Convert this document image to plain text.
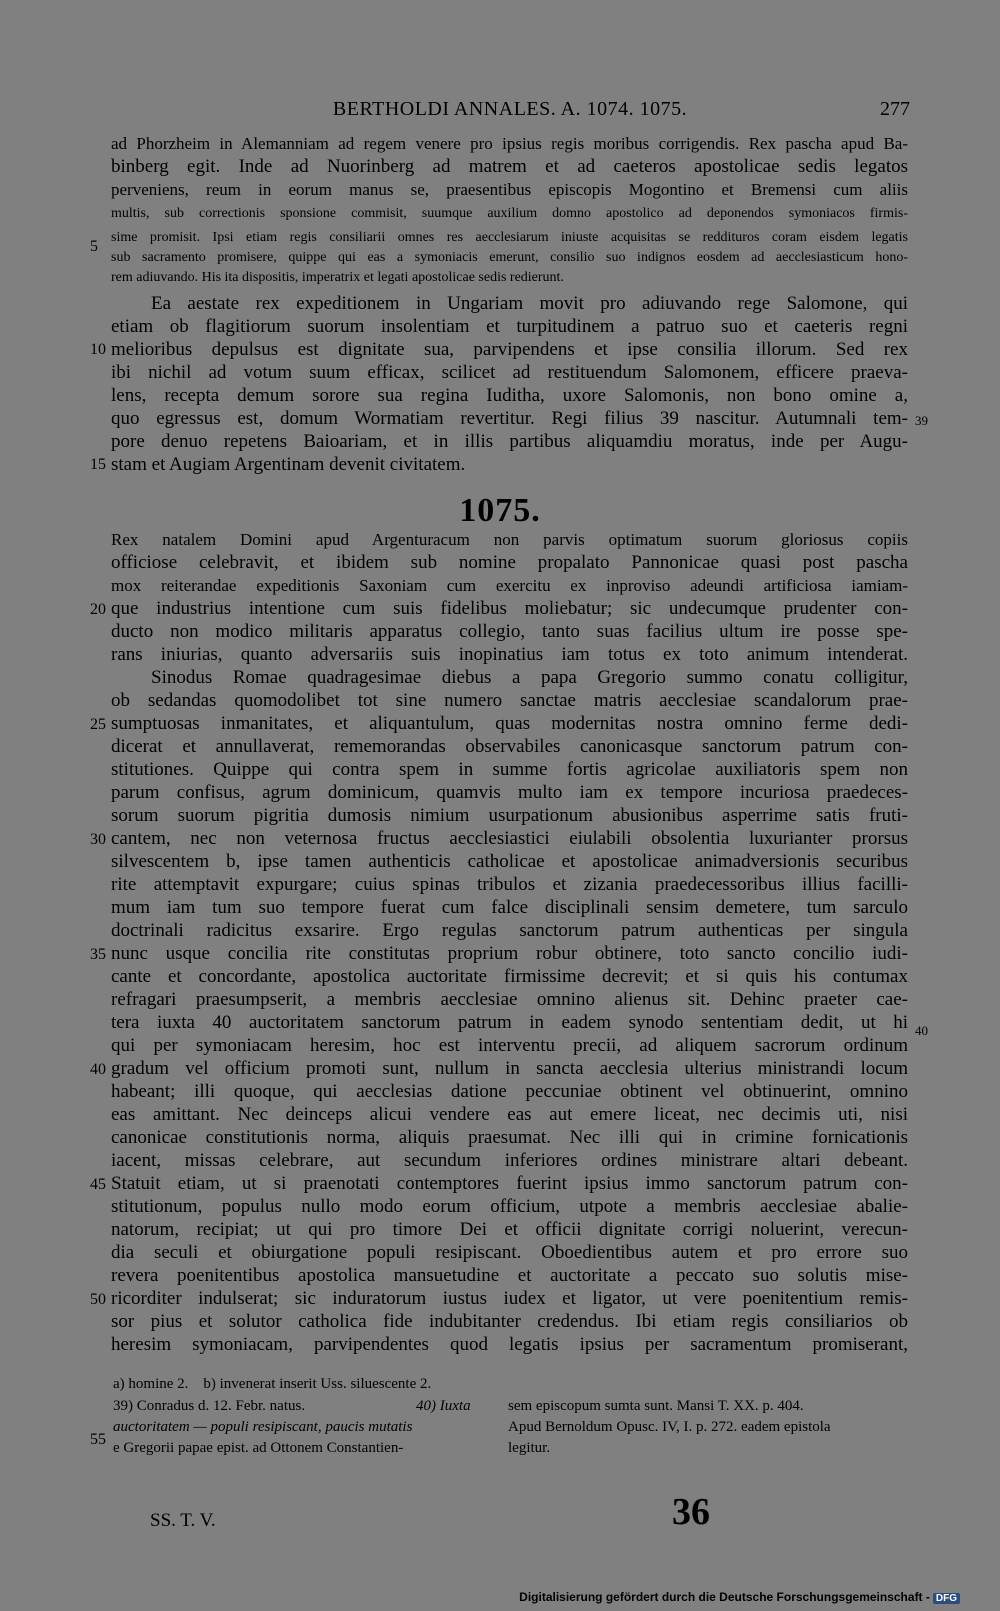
BERTHOLDI ANNALES. A. 1074. 1075.	277
ad Phorzheim in Alemanniam ad regem venere pro ipsius regis moribus corrigendis. Rex pascha apud Ba-
binberg egit. Inde ad Nuorinberg ad matrem et ad caeteros apostolicae sedis legatos
perveniens, reum in eorum manus se, praesentibus episcopis Mogontino et Bremensi cum aliis
multis, sub correctionis sponsione commisit, suumque auxilium domno apostolico ad deponendos symoniacos firmis-
sime promisit. Ipsi etiam regis consiliarii omnes res aecclesiarum iniuste acquisitas se reddituros coram eisdem legatis
sub sacramento promisere, quippe qui eas a symoniacis emerunt, consilio suo indignos eosdem ad aecclesiasticum hono-
rem adiuvando. His ita dispositis, imperatrix et legati apostolicae sedis redierunt.
Ea aestate rex expeditionem in Ungariam movit pro adiuvando rege Salomone, qui
etiam ob flagitiorum suorum insolentiam et turpitudinem a patruo suo et caeteris regni
melioribus depulsus est dignitate sua, parvipendens et ipse consilia illorum. Sed rex
ibi nichil ad votum suum efficax, scilicet ad restituendum Salomonem, efficere praeva-
lens, recepta demum sorore sua regina Iuditha, uxore Salomonis, non bono omine a,
quo egressus est, domum Wormatiam revertitur. Regi filius 39 nascitur. Autumnali tem-
pore denuo repetens Baioariam, et in illis partibus aliquamdiu moratus, inde per Augu-
stam et Augiam Argentinam devenit civitatem.
1075.
Rex natalem Domini apud Argenturacum non parvis optimatum suorum gloriosus copiis
officiose celebravit, et ibidem sub nomine propalato Pannonicae quasi post pascha
mox reiterandae expeditionis Saxoniam cum exercitu ex inproviso adeundi artificiosa iamiam-
que industrius intentione cum suis fidelibus moliebatur; sic undecumque prudenter con-
ducto non modico militaris apparatus collegio, tanto suas facilius ultum ire posse spe-
rans iniurias, quanto adversariis suis inopinatius iam totus ex toto animum intenderat.
Sinodus Romae quadragesimae diebus a papa Gregorio summo conatu colligitur,
ob sedandas quomodolibet tot sine numero sanctae matris aecclesiae scandalorum prae-
sumptuosas inmanitates, et aliquantulum, quas modernitas nostra omnino ferme dedi-
dicerat et annullaverat, rememorandas observabiles canonicasque sanctorum patrum con-
stitutiones. Quippe qui contra spem in summe fortis agricolae auxiliatoris spem non
parum confisus, agrum dominicum, quamvis multo iam ex tempore incuriosa praedeces-
sorum suorum pigritia dumosis nimium usurpationum abusionibus asperrime satis fruti-
cantem, nec non veternosa fructus aecclesiastici eiulabili obsolentia luxurianter prorsus
silvescentem b, ipse tamen authenticis catholicae et apostolicae animadversionis securibus
rite attemptavit expurgare; cuius spinas tribulos et zizania praedecessoribus illius facilli-
mum iam tum suo tempore fuerat cum falce disciplinali sensim demetere, tum sarculo
doctrinali radicitus exsarire. Ergo regulas sanctorum patrum authenticas per singula
nunc usque concilia rite constitutas proprium robur obtinere, toto sancto concilio iudi-
cante et concordante, apostolica auctoritate firmissime decrevit; et si quis his contumax
refragari praesumpserit, a membris aecclesiae omnino alienus sit. Dehinc praeter cae-
tera iuxta 40 auctoritatem sanctorum patrum in eadem synodo sententiam dedit, ut hi
qui per symoniacam heresim, hoc est interventu precii, ad aliquem sacrorum ordinum
gradum vel officium promoti sunt, nullum in sancta aecclesia ulterius ministrandi locum
habeant; illi quoque, qui aecclesias datione peccuniae obtinent vel obtinuerint, omnino
eas amittant. Nec deinceps alicui vendere eas aut emere liceat, nec decimis uti, nisi
canonicae constitutionis norma, aliquis praesumat. Nec illi qui in crimine fornicationis
iacent, missas celebrare, aut secundum inferiores ordines ministrare altari debeant.
Statuit etiam, ut si praenotati contemptores fuerint ipsius immo sanctorum patrum con-
stitutionum, populus nullo modo eorum officium, utpote a membris aecclesiae abalie-
natorum, recipiat; ut qui pro timore Dei et officii dignitate corrigi noluerint, verecun-
dia seculi et obiurgatione populi resipiscant. Oboedientibus autem et pro errore suo
revera poenitentibus apostolica mansuetudine et auctoritate a peccato suo solutis mise-
ricorditer indulserat; sic induratorum iustus iudex et ligator, ut vere poenitentium remis-
sor pius et solutor catholica fide indubitanter credendus. Ibi etiam regis consiliarios ob
heresim symoniacam, parvipendentes quod legatis ipsius per sacramentum promiserant,
5
10
15
20
25
30
35
40
45
50
55
39
40
a) homine 2.    b) invenerat inserit Uss. siluescente 2.
39) Conradus d. 12. Febr. natus.	40) Iuxta
auctoritatem — populi resipiscant, paucis mutatis
e Gregorii papae epist. ad Ottonem Constantien-
sem episcopum sumta sunt. Mansi T. XX. p. 404.
Apud Bernoldum Opusc. IV, I. p. 272. eadem epistola
legitur.
SS. T. V.	36
Digitalisierung gefördert durch die Deutsche Forschungsgemeinschaft - DFG
